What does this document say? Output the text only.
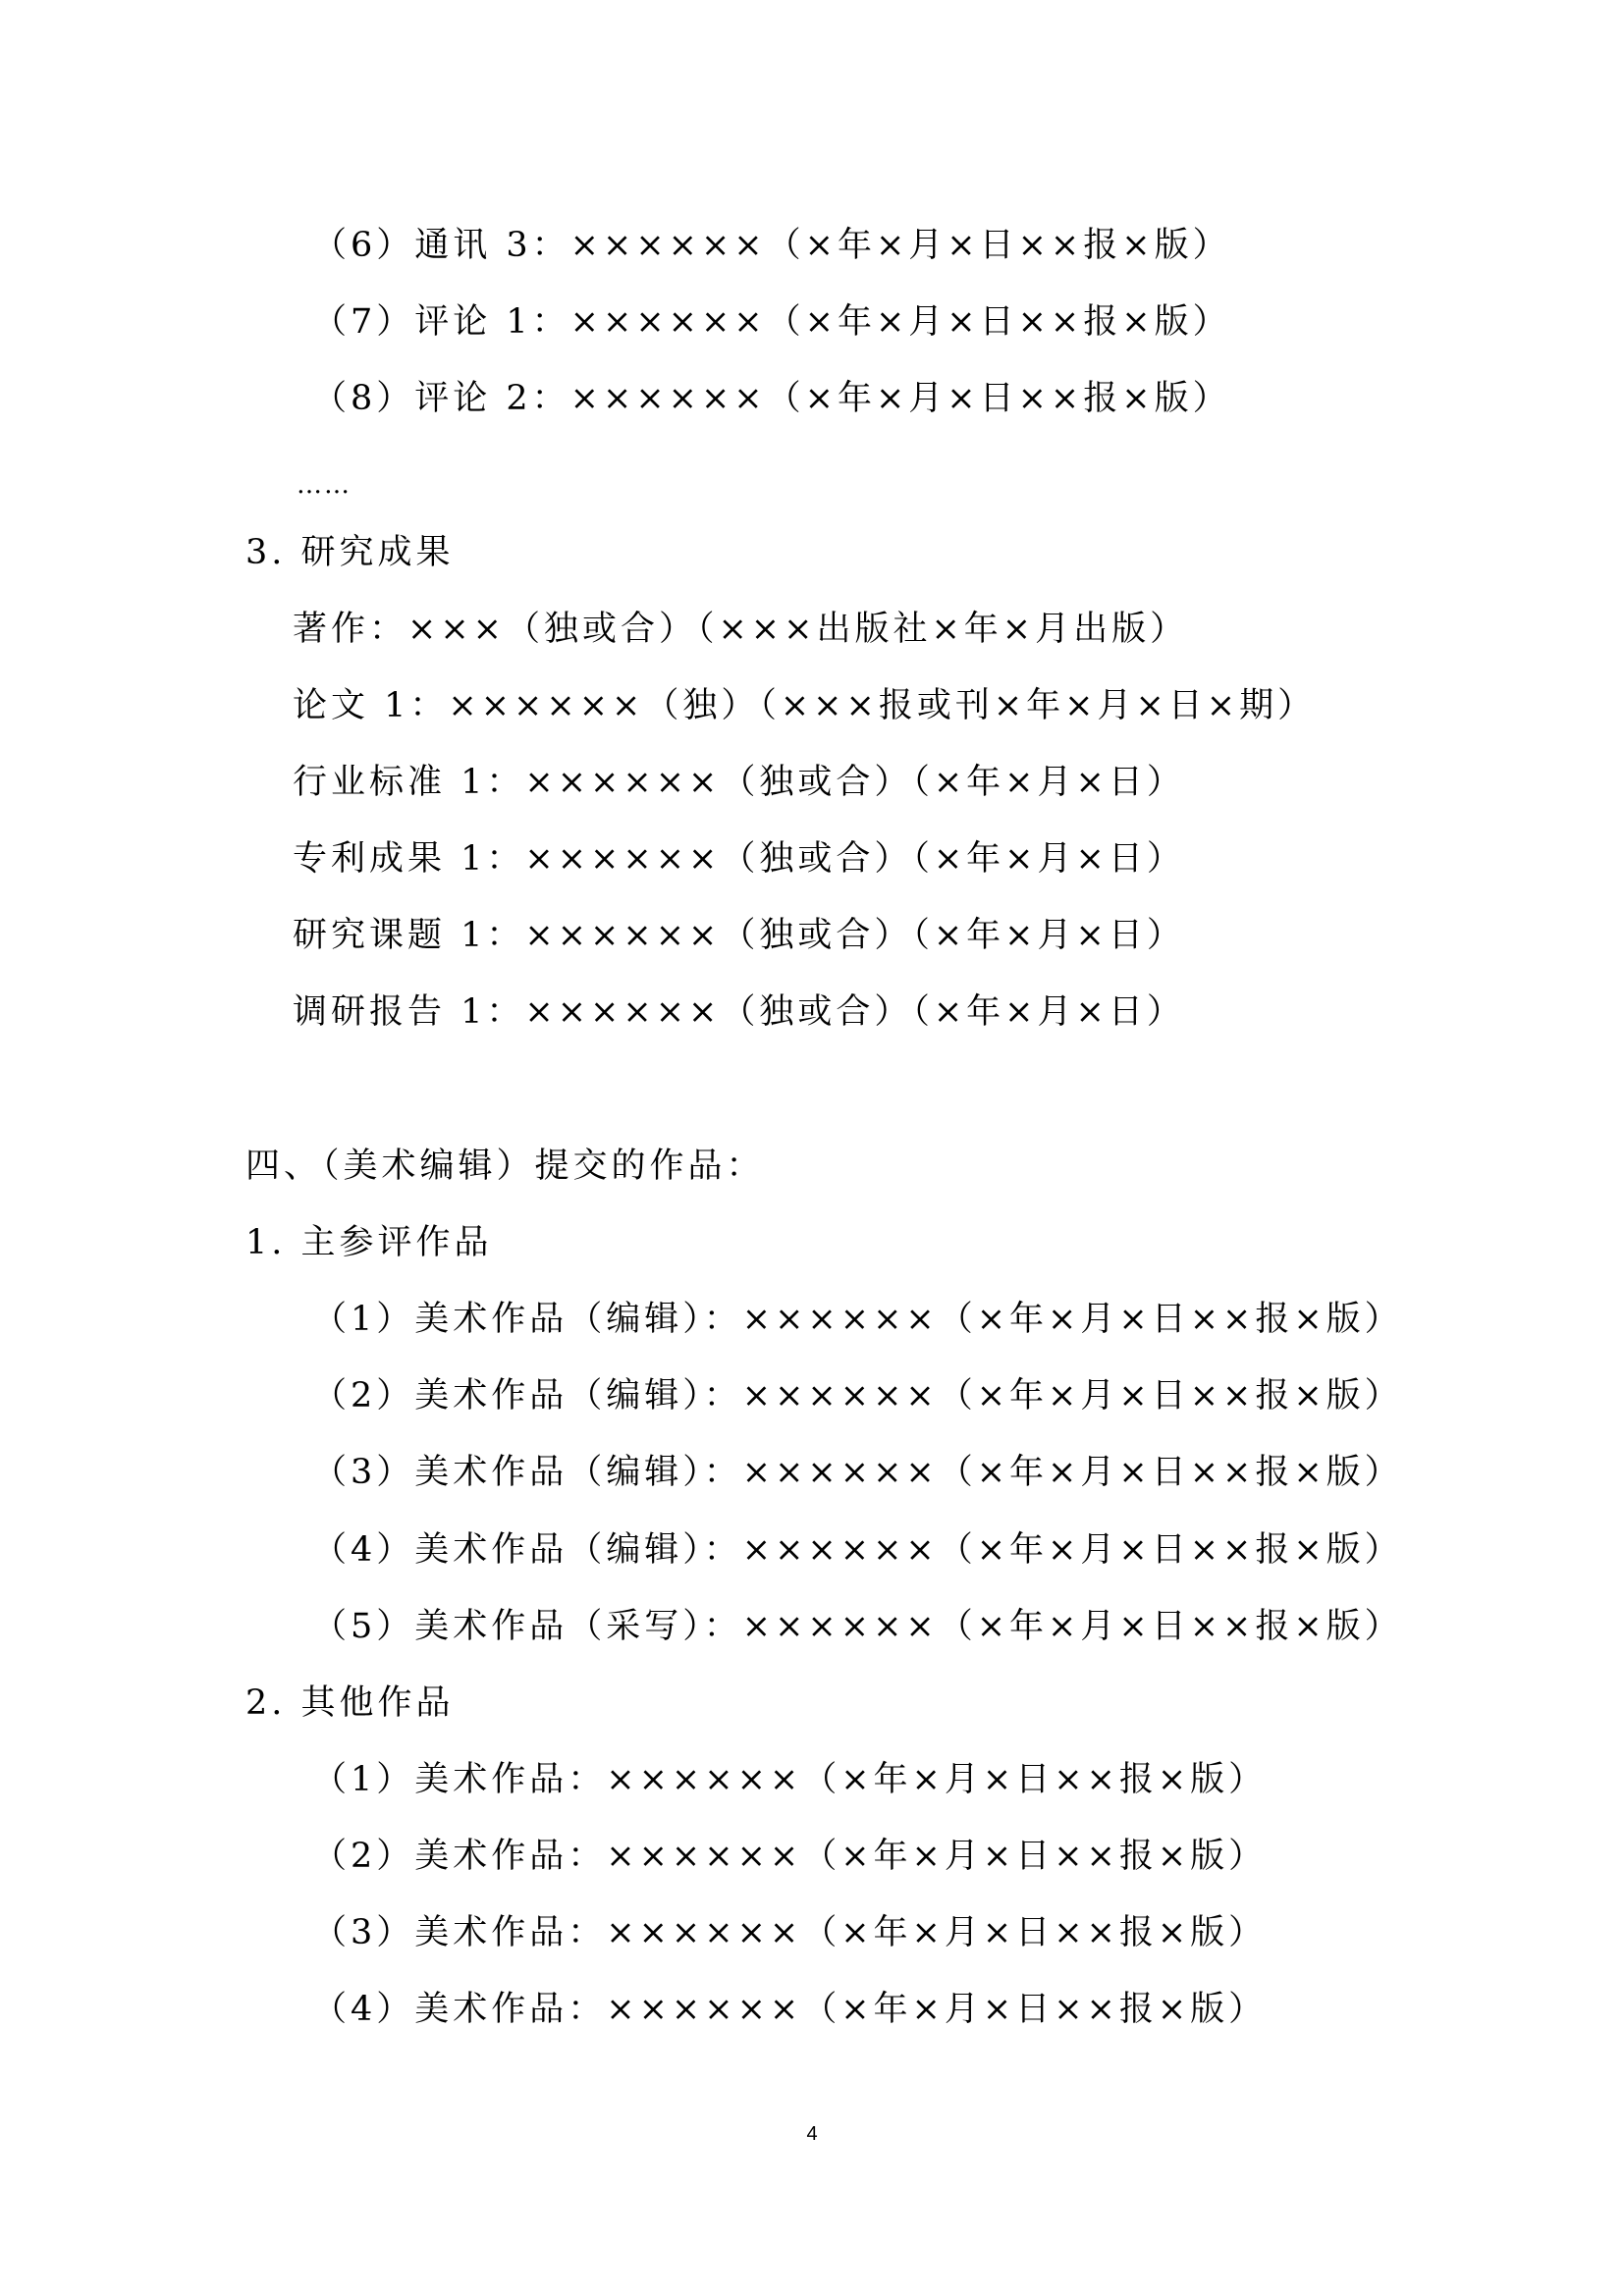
（6）通讯 3：××××××（×年×月×日××报×版）
（7）评论 1：××××××（×年×月×日××报×版）
（8）评论 2：××××××（×年×月×日××报×版）
……
3. 研究成果
著作：×××（独或合）（×××出版社×年×月出版）
论文 1：××××××（独）（×××报或刊×年×月×日×期）
行业标准 1：××××××（独或合）（×年×月×日）
专利成果 1：××××××（独或合）（×年×月×日）
研究课题 1：××××××（独或合）（×年×月×日）
调研报告 1：××××××（独或合）（×年×月×日）
四、（美术编辑）提交的作品：
1. 主参评作品
（1）美术作品（编辑）：××××××（×年×月×日××报×版）
（2）美术作品（编辑）：××××××（×年×月×日××报×版）
（3）美术作品（编辑）：××××××（×年×月×日××报×版）
（4）美术作品（编辑）：××××××（×年×月×日××报×版）
（5）美术作品（采写）：××××××（×年×月×日××报×版）
2. 其他作品
（1）美术作品：××××××（×年×月×日××报×版）
（2）美术作品：××××××（×年×月×日××报×版）
（3）美术作品：××××××（×年×月×日××报×版）
（4）美术作品：××××××（×年×月×日××报×版）
4
